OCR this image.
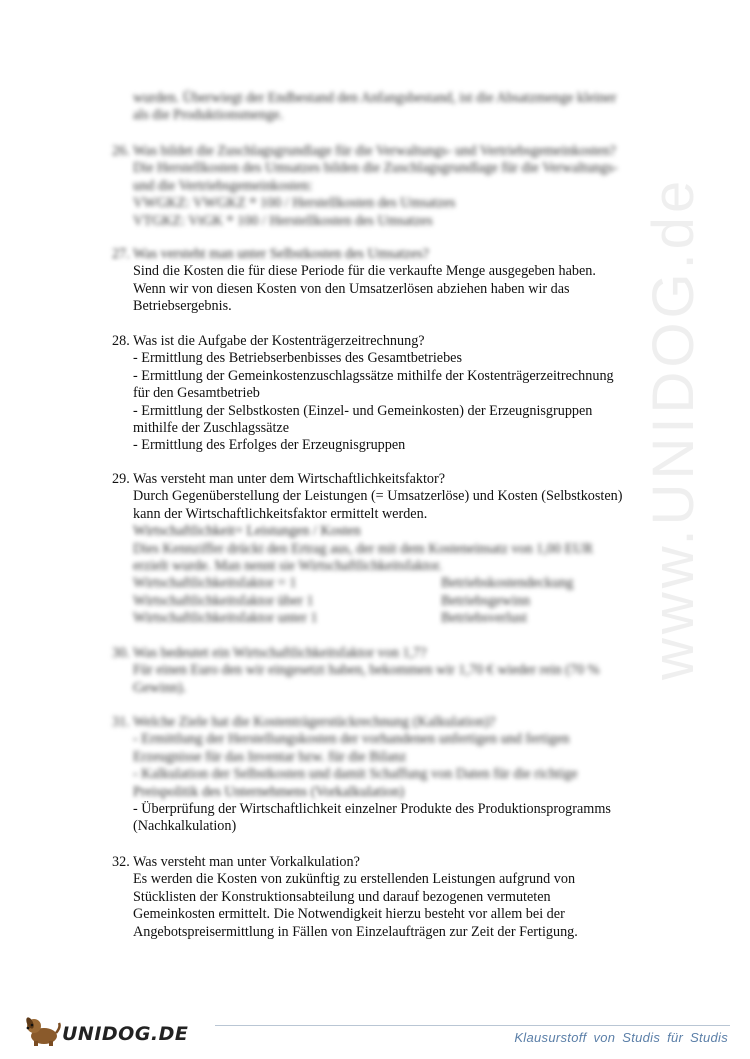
www.UNIDOG.de
wurden. Überwiegt der Endbestand den Anfangsbestand, ist die Absatzmenge kleiner
als die Produktionsmenge.
26. Was bildet die Zuschlagsgrundlage für die Verwaltungs- und Vertriebsgemeinkosten?
Die Herstellkosten des Umsatzes bilden die Zuschlagsgrundlage für die Verwaltungs-
und die Vertriebsgemeinkosten:
VWGKZ: VWGKZ * 100 / Herstellkosten des Umsatzes
VTGKZ: VtGK * 100 / Herstellkosten des Umsatzes
27. Was versteht man unter Selbstkosten des Umsatzes?
Sind die Kosten die für diese Periode für die verkaufte Menge ausgegeben haben.
Wenn wir von diesen Kosten von den Umsatzerlösen abziehen haben wir das
Betriebsergebnis.
28. Was ist die Aufgabe der Kostenträgerzeitrechnung?
- Ermittlung des Betriebserbenbisses des Gesamtbetriebes
- Ermittlung der Gemeinkostenzuschlagssätze mithilfe der Kostenträgerzeitrechnung
für den Gesamtbetrieb
- Ermittlung der Selbstkosten (Einzel- und Gemeinkosten) der Erzeugnisgruppen
mithilfe der Zuschlagssätze
- Ermittlung des Erfolges der Erzeugnisgruppen
29. Was versteht man unter dem Wirtschaftlichkeitsfaktor?
Durch Gegenüberstellung der Leistungen (= Umsatzerlöse) und Kosten (Selbstkosten)
kann der Wirtschaftlichkeitsfaktor ermittelt werden.
Wirtschaftlichkeit= Leistungen / Kosten
Dies Kennziffer drückt den Ertrag aus, der mit dem Kosteneinsatz von 1,00 EUR
erzielt wurde. Man nennt sie Wirtschaftlichkeitsfaktor.
Wirtschaftlichkeitsfaktor = 1	Betriebskostendeckung
Wirtschaftlichkeitsfaktor über 1	Betriebsgewinn
Wirtschaftlichkeitsfaktor unter 1	Betriebsverlust
30. Was bedeutet ein Wirtschaftlichkeitsfaktor von 1,7?
Für einen Euro den wir eingesetzt haben, bekommen wir 1,70 € wieder rein (70 %
Gewinn).
31. Welche Ziele hat die Kostenträgerstückrechnung (Kalkulation)?
- Ermittlung der Herstellungskosten der vorhandenen unfertigen und fertigen
Erzeugnisse für das Inventar bzw. für die Bilanz
- Kalkulation der Selbstkosten und damit Schaffung von Daten für die richtige
Preispolitik des Unternehmens (Vorkalkulation)
- Überprüfung der Wirtschaftlichkeit einzelner Produkte des Produktionsprogramms
(Nachkalkulation)
32. Was versteht man unter Vorkalkulation?
Es werden die Kosten von zukünftig zu erstellenden Leistungen aufgrund von
Stücklisten der Konstruktionsabteilung und darauf bezogenen vermuteten
Gemeinkosten ermittelt. Die Notwendigkeit hierzu besteht vor allem bei der
Angebotspreisermittlung in Fällen von Einzelaufträgen zur Zeit der Fertigung.
UNIDOG.DE	Klausurstoff von Studis für Studis
